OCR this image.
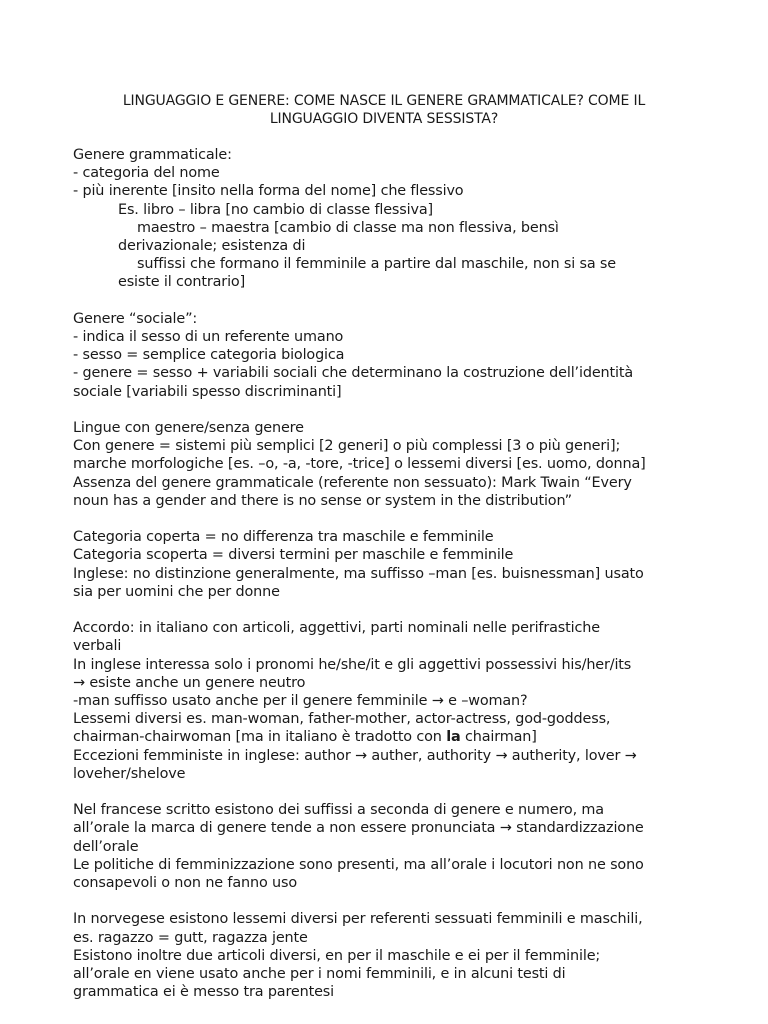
LINGUAGGIO E GENERE: COME NASCE IL GENERE GRAMMATICALE? COME IL
LINGUAGGIO DIVENTA SESSISTA?
Genere grammaticale:
- categoria del nome
- più inerente [insito nella forma del nome] che flessivo
Es. libro – libra [no cambio di classe flessiva]
maestro – maestra [cambio di classe ma non flessiva, bensì
derivazionale; esistenza di
suffissi che formano il femminile a partire dal maschile, non si sa se
esiste il contrario]
Genere “sociale”:
- indica il sesso di un referente umano
- sesso = semplice categoria biologica
- genere = sesso + variabili sociali che determinano la costruzione dell’identità
sociale [variabili spesso discriminanti]
Lingue con genere/senza genere
Con genere = sistemi più semplici [2 generi] o più complessi [3 o più generi];
marche morfologiche [es. –o, -a, -tore, -trice] o lessemi diversi [es. uomo, donna]
Assenza del genere grammaticale (referente non sessuato): Mark Twain “Every
noun has a gender and there is no sense or system in the distribution”
Categoria coperta = no differenza tra maschile e femminile
Categoria scoperta = diversi termini per maschile e femminile
Inglese: no distinzione generalmente, ma suffisso –man [es. buisnessman] usato
sia per uomini che per donne
Accordo: in italiano con articoli, aggettivi, parti nominali nelle perifrastiche
verbali
In inglese interessa solo i pronomi he/she/it e gli aggettivi possessivi his/her/its
→ esiste anche un genere neutro
-man suffisso usato anche per il genere femminile → e –woman?
Lessemi diversi es. man-woman, father-mother, actor-actress, god-goddess,
chairman-chairwoman [ma in italiano è tradotto con la chairman]
Eccezioni femministe in inglese: author → auther, authority → autherity, lover →
loveher/shelove
Nel francese scritto esistono dei suffissi a seconda di genere e numero, ma
all’orale la marca di genere tende a non essere pronunciata → standardizzazione
dell’orale
Le politiche di femminizzazione sono presenti, ma all’orale i locutori non ne sono
consapevoli o non ne fanno uso
In norvegese esistono lessemi diversi per referenti sessuati femminili e maschili,
es. ragazzo = gutt, ragazza jente
Esistono inoltre due articoli diversi, en per il maschile e ei per il femminile;
all’orale en viene usato anche per i nomi femminili, e in alcuni testi di
grammatica ei è messo tra parentesi
